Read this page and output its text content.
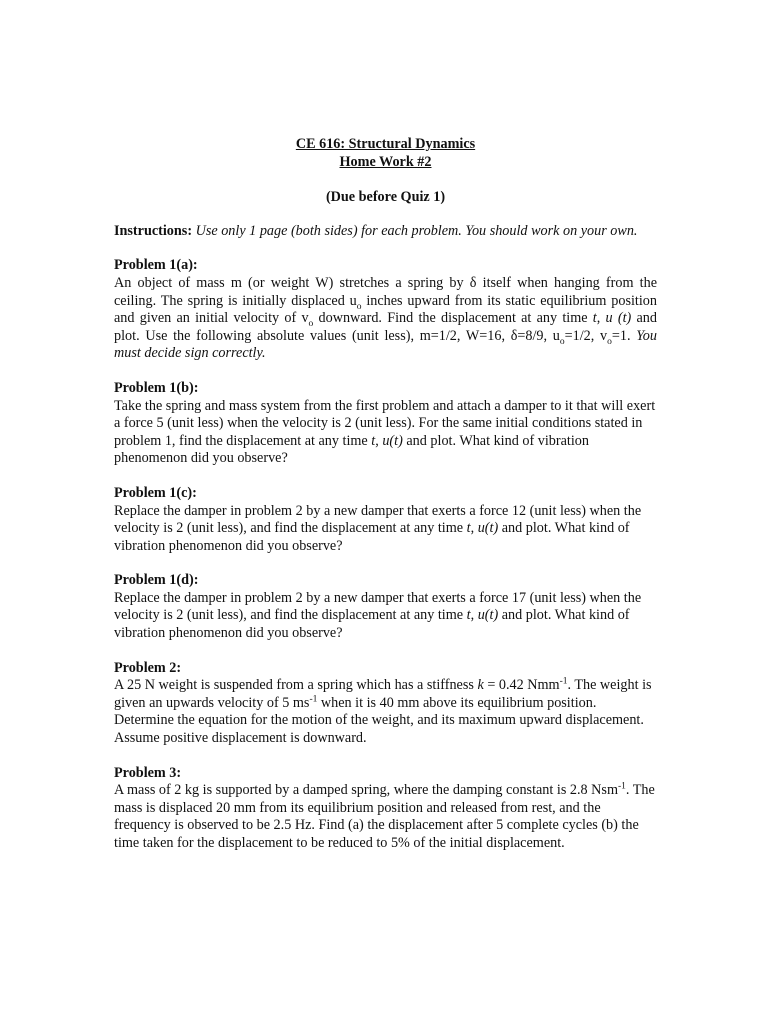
CE 616: Structural Dynamics
Home Work #2
(Due before Quiz 1)
Instructions: Use only 1 page (both sides) for each problem. You should work on your own.
Problem 1(a):
An object of mass m (or weight W) stretches a spring by δ itself when hanging from the ceiling. The spring is initially displaced $u_o$ inches upward from its static equilibrium position and given an initial velocity of $v_o$ downward. Find the displacement at any time t, u (t) and plot. Use the following absolute values (unit less), m=1/2, W=16, δ=8/9, $u_o=1/2$, $v_o=1$. You must decide sign correctly.
Problem 1(b):
Take the spring and mass system from the first problem and attach a damper to it that will exert a force 5 (unit less) when the velocity is 2 (unit less). For the same initial conditions stated in problem 1, find the displacement at any time t, u(t) and plot. What kind of vibration phenomenon did you observe?
Problem 1(c):
Replace the damper in problem 2 by a new damper that exerts a force 12 (unit less) when the velocity is 2 (unit less), and find the displacement at any time t, u(t) and plot. What kind of vibration phenomenon did you observe?
Problem 1(d):
Replace the damper in problem 2 by a new damper that exerts a force 17 (unit less) when the velocity is 2 (unit less), and find the displacement at any time t, u(t) and plot. What kind of vibration phenomenon did you observe?
Problem 2:
A 25 N weight is suspended from a spring which has a stiffness k = 0.42 Nmm$^{-1}$. The weight is given an upwards velocity of 5 $ms^{-1}$ when it is 40 mm above its equilibrium position. Determine the equation for the motion of the weight, and its maximum upward displacement. Assume positive displacement is downward.
Problem 3:
A mass of 2 kg is supported by a damped spring, where the damping constant is 2.8 Nsm$^{-1}$. The mass is displaced 20 mm from its equilibrium position and released from rest, and the frequency is observed to be 2.5 Hz. Find (a) the displacement after 5 complete cycles (b) the time taken for the displacement to be reduced to 5% of the initial displacement.
